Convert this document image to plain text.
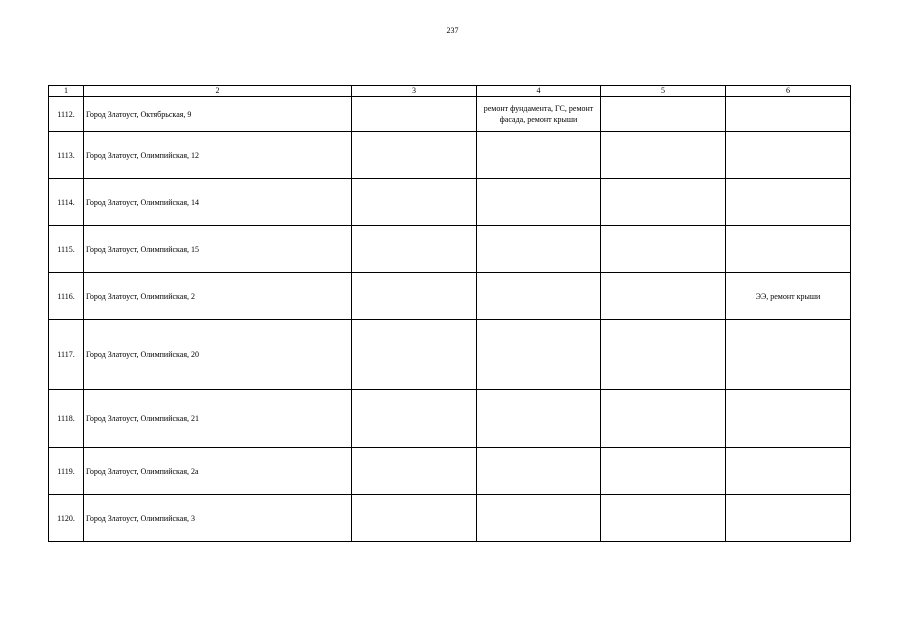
237
1	2	3	4	5	6
1112.	Город Златоуст, Октябрьская, 9		ремонт фундамента, ГС, ремонт фасада, ремонт крыши		
1113.	Город Златоуст, Олимпийская, 12				
1114.	Город Златоуст, Олимпийская, 14				
1115.	Город Златоуст, Олимпийская, 15				
1116.	Город Златоуст, Олимпийская, 2				ЭЭ, ремонт крыши
1117.	Город Златоуст, Олимпийская, 20				
1118.	Город Златоуст, Олимпийская, 21				
1119.	Город Златоуст, Олимпийская, 2а				
1120.	Город Златоуст, Олимпийская, 3				
